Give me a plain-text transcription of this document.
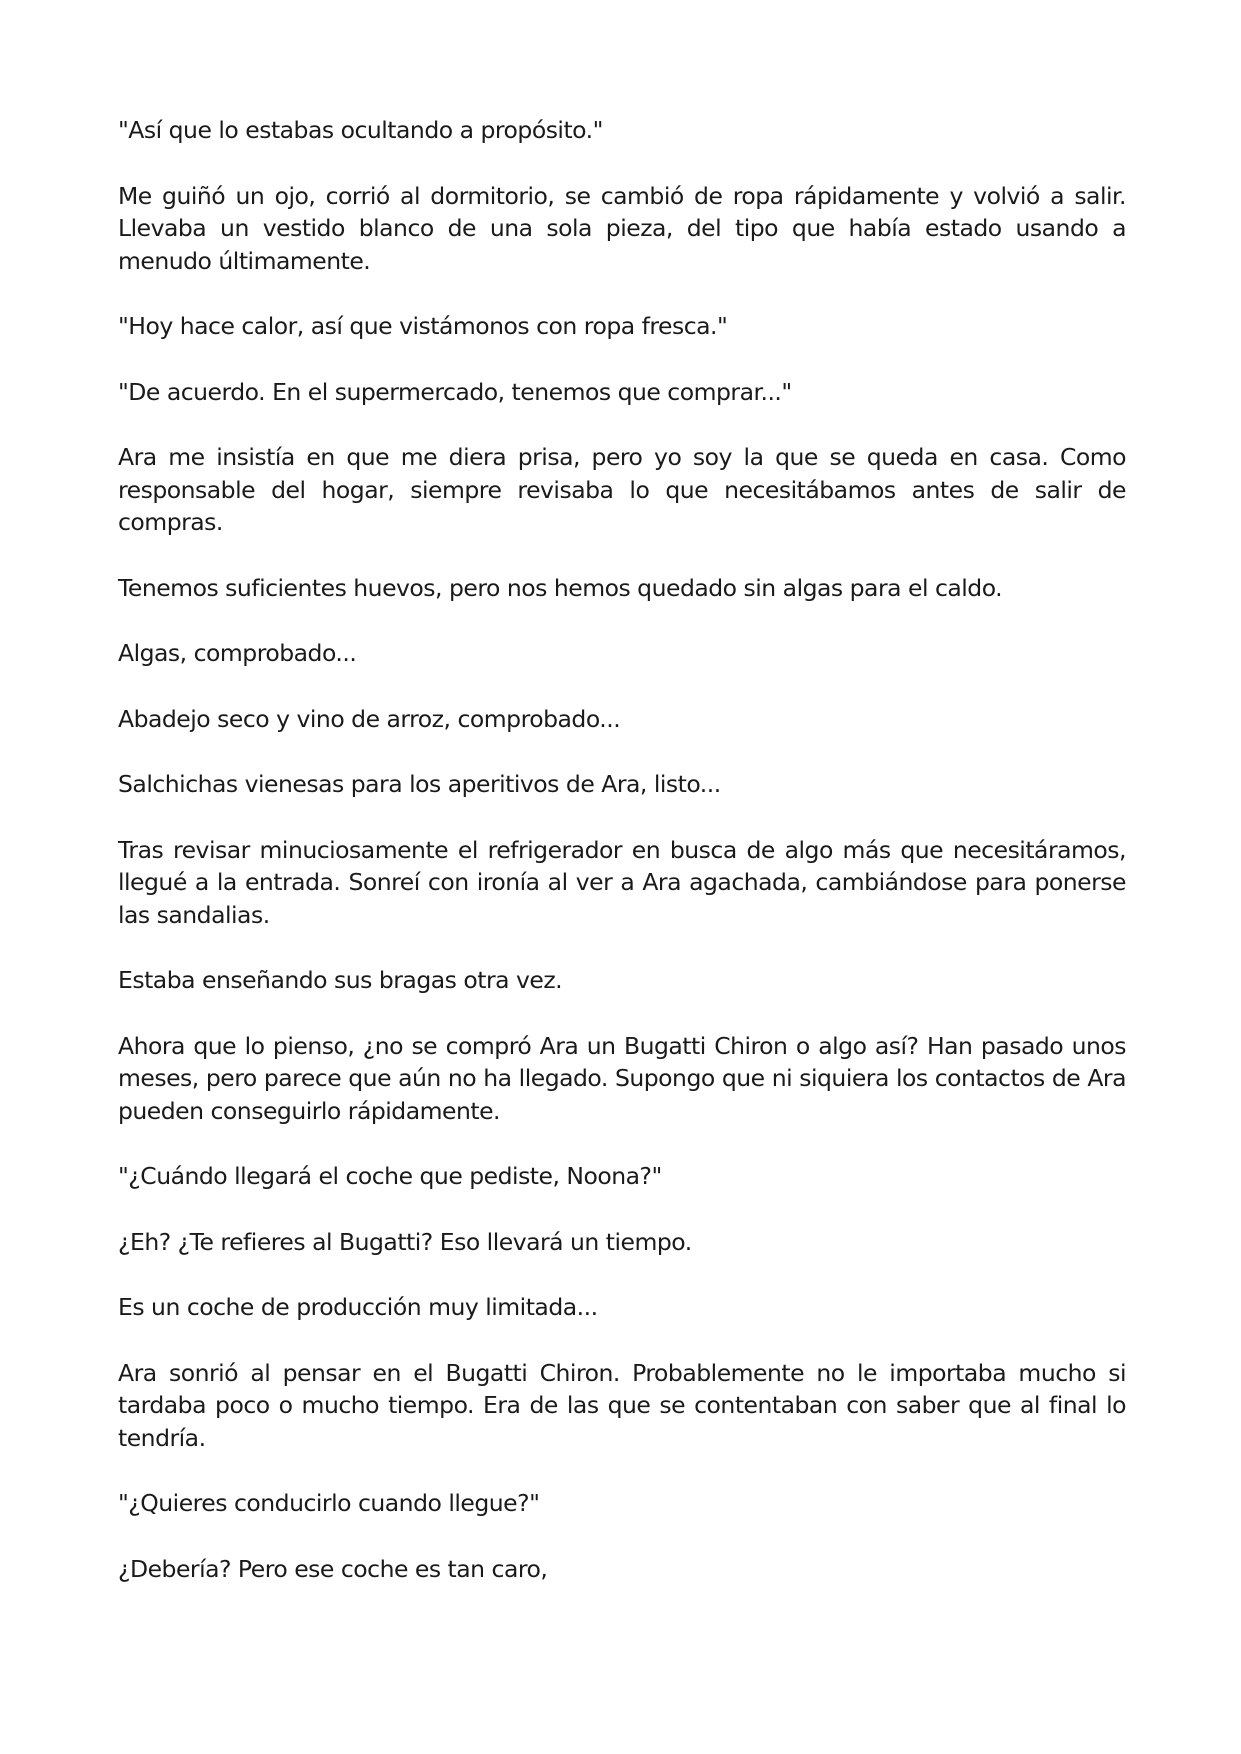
"Así que lo estabas ocultando a propósito."

Me guiñó un ojo, corrió al dormitorio, se cambió de ropa rápidamente y volvió a salir. Llevaba un vestido blanco de una sola pieza, del tipo que había estado usando a menudo últimamente.

"Hoy hace calor, así que vistámonos con ropa fresca."

"De acuerdo. En el supermercado, tenemos que comprar..."

Ara me insistía en que me diera prisa, pero yo soy la que se queda en casa. Como responsable del hogar, siempre revisaba lo que necesitábamos antes de salir de compras.

Tenemos suficientes huevos, pero nos hemos quedado sin algas para el caldo.

Algas, comprobado...

Abadejo seco y vino de arroz, comprobado...

Salchichas vienesas para los aperitivos de Ara, listo...

Tras revisar minuciosamente el refrigerador en busca de algo más que necesitáramos, llegué a la entrada. Sonreí con ironía al ver a Ara agachada, cambiándose para ponerse las sandalias.

Estaba enseñando sus bragas otra vez.

Ahora que lo pienso, ¿no se compró Ara un Bugatti Chiron o algo así? Han pasado unos meses, pero parece que aún no ha llegado. Supongo que ni siquiera los contactos de Ara pueden conseguirlo rápidamente.

"¿Cuándo llegará el coche que pediste, Noona?"

¿Eh? ¿Te refieres al Bugatti? Eso llevará un tiempo.

Es un coche de producción muy limitada...

Ara sonrió al pensar en el Bugatti Chiron. Probablemente no le importaba mucho si tardaba poco o mucho tiempo. Era de las que se contentaban con saber que al final lo tendría.

"¿Quieres conducirlo cuando llegue?"

¿Debería? Pero ese coche es tan caro,
